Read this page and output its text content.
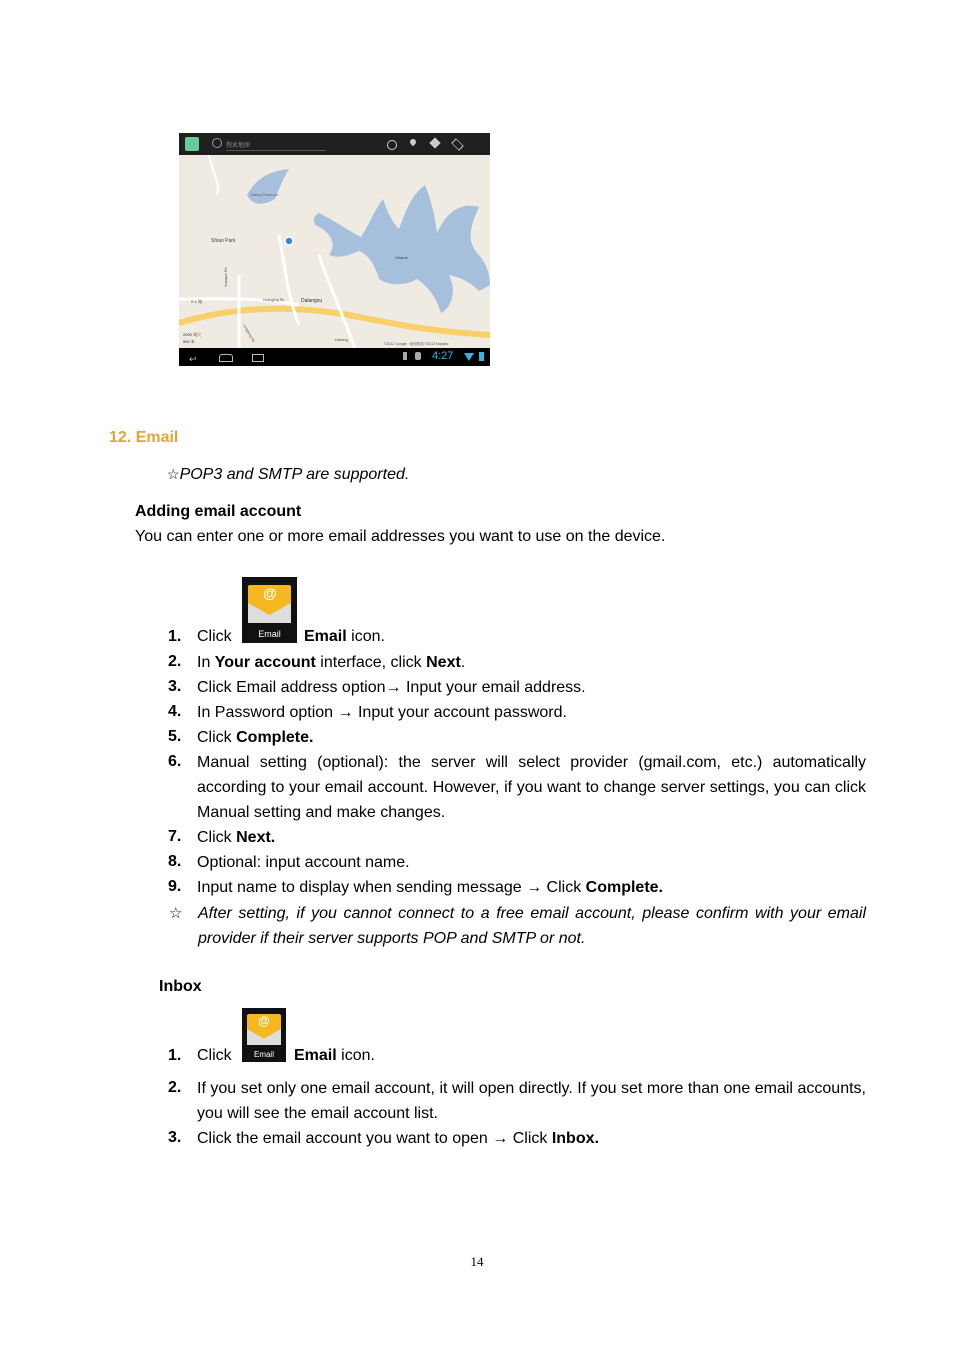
搜索地图
Dalang Reservoir
Shiao Park
Chanxi
Dalangxu
Huangjing Rd
Xuangao Rd
Longteng Rd
S 1 路
Dalang
2000 英尺
500 米	©2012 Google · 地图数据 ©2012 Mapabc
↩	4:27
12. Email
☆POP3 and SMTP are supported.
Adding email account
You can enter one or more email addresses you want to use on the device.
@
Email
1. Click	Email icon.
2. In Your account interface, click Next.
3. Click Email address option→ Input your email address.
4. In Password option → Input your account password.
5. Click Complete.
6. Manual setting (optional): the server will select provider (gmail.com, etc.) automatically according to your email account. However, if you want to change server settings, you can click Manual setting and make changes.
7. Click Next.
8. Optional: input account name.
9. Input name to display when sending message → Click Complete.
☆ After setting, if you cannot connect to a free email account, please confirm with your email provider if their server supports POP and SMTP or not.
Inbox
@
Email
1. Click	Email icon.
2. If you set only one email account, it will open directly. If you set more than one email accounts, you will see the email account list.
3. Click the email account you want to open → Click Inbox.
14
